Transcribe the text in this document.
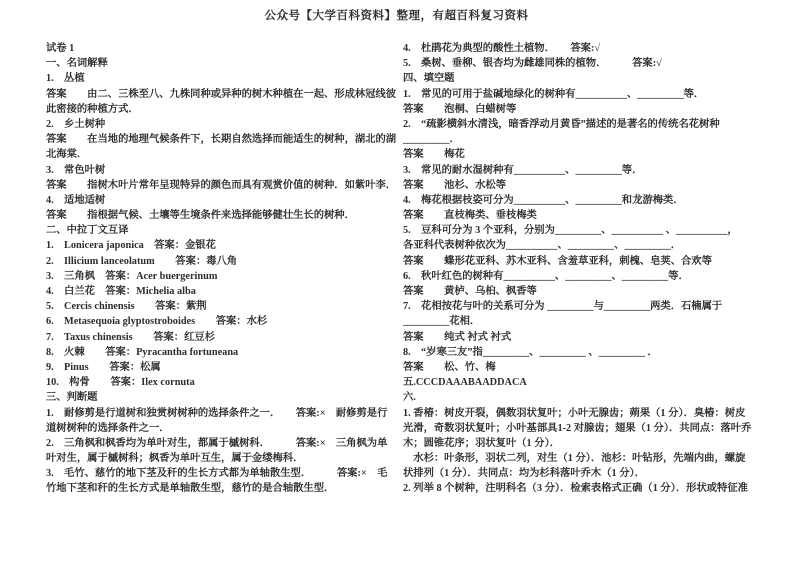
公众号【大学百科资料】整理，有超百科复习资料
试卷 1
一、名词解释
1.　丛植
答案　　由二、三株至八、九株同种或异种的树木种植在一起、形成林冠线彼
此密接的种植方式．
2.　乡土树种
答案　　在当地的地理气候条件下，长期自然选择而能适生的树种，湖北的湖
北海棠．
3.　常色叶树
答案　　指树木叶片常年呈现特异的颜色而具有观赏价值的树种．如紫叶李．
4.　适地适树
答案　　指根据气候、土壤等生境条件来选择能够健壮生长的树种．
二、中拉丁文互译
1.　Lonicera japonica　答案：金银花
2.　Illicium lanceolatum　　答案：毒八角
3.　三角枫　答案：Acer buergerinum
4.　白兰花　答案：Michelia alba
5.　Cercis chinensis　　答案：紫荆
6.　Metasequoia glyptostroboides　　答案：水杉
7.　Taxus chinensis　　答案：红豆杉
8.　火棘　　答案：Pyracantha fortuneana
9.　Pinus　　答案：松属
10.　构骨　　答案：Ilex cornuta
三、判断题
1.　耐修剪是行道树和独赏树树种的选择条件之一．　　答案:×　耐修剪是行
道树树种的选择条件之一．
2.　三角枫和枫香均为单叶对生，都属于槭树科．　　　答案:×　三角枫为单
叶对生，属于槭树科；枫香为单叶互生，属于金缕梅科．
3.　毛竹、慈竹的地下茎及秆的生长方式都为单轴散生型．　　　答案:×　毛
竹地下茎和秆的生长方式是单轴散生型，慈竹的是合轴散生型．
4.　杜鹃花为典型的酸性土植物．　　答案:√
5.　桑树、垂柳、银杏均为雌雄同株的植物．　　　答案:√
四、填空题
1.　常见的可用于盐碱地绿化的树种有__________、_________等．
答案　　泡桐、白蜡树等
2.　“疏影横斜水清浅，暗香浮动月黄昏”描述的是著名的传统名花树种
_________．
答案　　梅花
3.　常见的耐水湿树种有__________、_________等．
答案　　池杉、水松等
4.　梅花根据枝姿可分为__________、_________和龙游梅类．
答案　　直枝梅类、垂枝梅类
5.　豆科可分为 3 个亚科，分别为_________、__________ 、__________，
各亚科代表树种依次为__________、_________、_________．
答案　　蝶形花亚科、苏木亚科、含羞草亚科，刺槐、皂荚、合欢等
6.　秋叶红色的树种有__________、_________、_________等．
答案　　黄栌、乌桕、枫香等
7.　花相按花与叶的关系可分为 _________与_________两类．石楠属于
_________花相．
答案　　纯式 衬式 衬式
8.　“岁寒三友”指_________、_________ 、_________ ．
答案　　松、竹、梅
五.CCCDAAABAADDACA
六.
1. 香椿：树皮开裂，偶数羽状复叶；小叶无腺齿；蒴果（1 分）．臭椿：树皮
光滑，奇数羽状复叶；小叶基部具1-2 对腺齿；翅果（1 分）．共同点：落叶乔
木；圆锥花序；羽状复叶（1 分）．
　水杉：叶条形，羽状二列，对生（1 分）．池杉：叶钻形，先端内曲，螺旋
状排列（1 分）．共同点：均为杉科落叶乔木（1 分）．
2. 列举 8 个树种，注明科名（3 分）．检索表格式正确（1 分）．形状或特征准
